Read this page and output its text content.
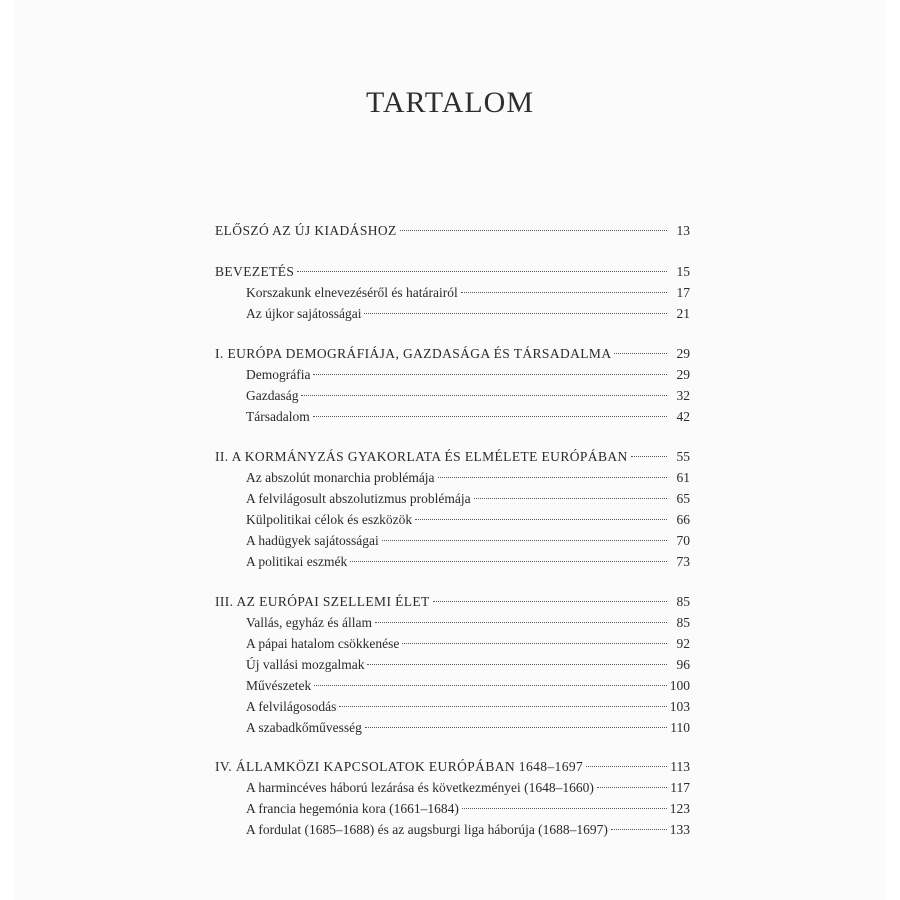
TARTALOM
ELŐSZÓ AZ ÚJ KIADÁSHOZ	13
BEVEZETÉS	15
Korszakunk elnevezéséről és határairól	17
Az újkor sajátosságai	21
I. EURÓPA DEMOGRÁFIÁJA, GAZDASÁGA ÉS TÁRSADALMA	29
Demográfia	29
Gazdaság	32
Társadalom	42
II. A KORMÁNYZÁS GYAKORLATA ÉS ELMÉLETE EURÓPÁBAN	55
Az abszolút monarchia problémája	61
A felvilágosult abszolutizmus problémája	65
Külpolitikai célok és eszközök	66
A hadügyek sajátosságai	70
A politikai eszmék	73
III. AZ EURÓPAI SZELLEMI ÉLET	85
Vallás, egyház és állam	85
A pápai hatalom csökkenése	92
Új vallási mozgalmak	96
Művészetek	100
A felvilágosodás	103
A szabadkőművesség	110
IV. ÁLLAMKÖZI KAPCSOLATOK EURÓPÁBAN 1648–1697	113
A harmincéves háború lezárása és következményei (1648–1660)	117
A francia hegemónia kora (1661–1684)	123
A fordulat (1685–1688) és az augsburgi liga háborúja (1688–1697)	133
